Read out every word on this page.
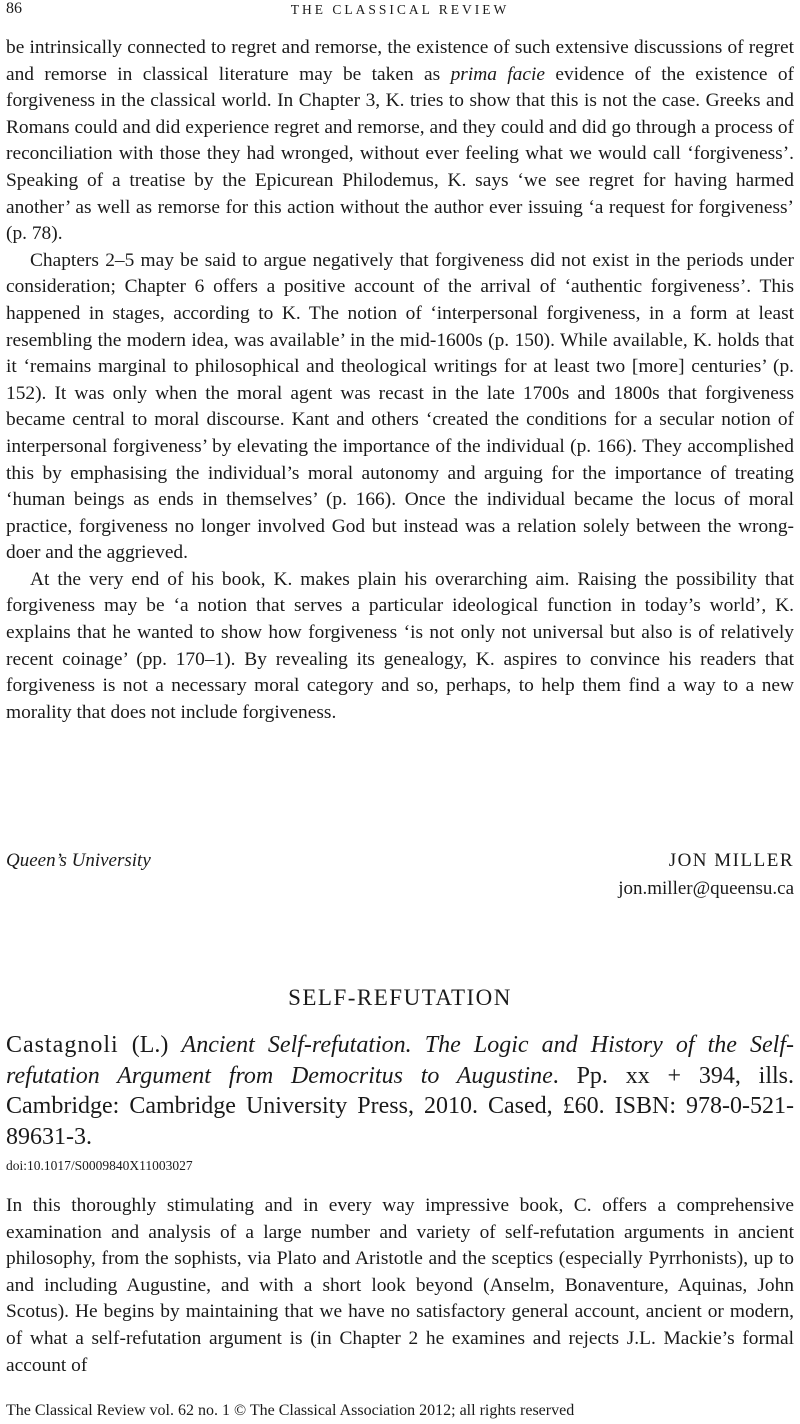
86	THE CLASSICAL REVIEW

be intrinsically connected to regret and remorse, the existence of such extensive discussions of regret and remorse in classical literature may be taken as prima facie evidence of the existence of forgiveness in the classical world. In Chapter 3, K. tries to show that this is not the case. Greeks and Romans could and did experience regret and remorse, and they could and did go through a process of reconciliation with those they had wronged, without ever feeling what we would call ‘forgiveness’. Speaking of a treatise by the Epicurean Philodemus, K. says ‘we see regret for having harmed another’ as well as remorse for this action without the author ever issuing ‘a request for forgiveness’ (p. 78).

Chapters 2–5 may be said to argue negatively that forgiveness did not exist in the periods under consideration; Chapter 6 offers a positive account of the arrival of ‘authentic forgiveness’. This happened in stages, according to K. The notion of ‘interpersonal forgiveness, in a form at least resembling the modern idea, was available’ in the mid-1600s (p. 150). While available, K. holds that it ‘remains marginal to philosophical and theological writings for at least two [more] centuries’ (p. 152). It was only when the moral agent was recast in the late 1700s and 1800s that forgiveness became central to moral discourse. Kant and others ‘created the conditions for a secular notion of interpersonal forgiveness’ by elevating the importance of the individual (p. 166). They accomplished this by emphasising the individual’s moral autonomy and arguing for the importance of treating ‘human beings as ends in themselves’ (p. 166). Once the individual became the locus of moral practice, forgiveness no longer involved God but instead was a relation solely between the wrong-doer and the aggrieved.

At the very end of his book, K. makes plain his overarching aim. Raising the possibility that forgiveness may be ‘a notion that serves a particular ideological function in today’s world’, K. explains that he wanted to show how forgiveness ‘is not only not universal but also is of relatively recent coinage’ (pp. 170–1). By revealing its genealogy, K. aspires to convince his readers that forgiveness is not a necessary moral category and so, perhaps, to help them find a way to a new morality that does not include forgiveness.

Queen’s University	JON MILLER
jon.miller@queensu.ca
SELF-REFUTATION
Castagnoli (L.) Ancient Self-refutation. The Logic and History of the Self-refutation Argument from Democritus to Augustine. Pp. xx + 394, ills. Cambridge: Cambridge University Press, 2010. Cased, £60. ISBN: 978-0-521-89631-3.
doi:10.1017/S0009840X11003027

In this thoroughly stimulating and in every way impressive book, C. offers a comprehensive examination and analysis of a large number and variety of self-refutation arguments in ancient philosophy, from the sophists, via Plato and Aristotle and the sceptics (especially Pyrrhonists), up to and including Augustine, and with a short look beyond (Anselm, Bonaventure, Aquinas, John Scotus). He begins by maintaining that we have no satisfactory general account, ancient or modern, of what a self-refutation argument is (in Chapter 2 he examines and rejects J.L. Mackie’s formal account of

The Classical Review vol. 62 no. 1 © The Classical Association 2012; all rights reserved
